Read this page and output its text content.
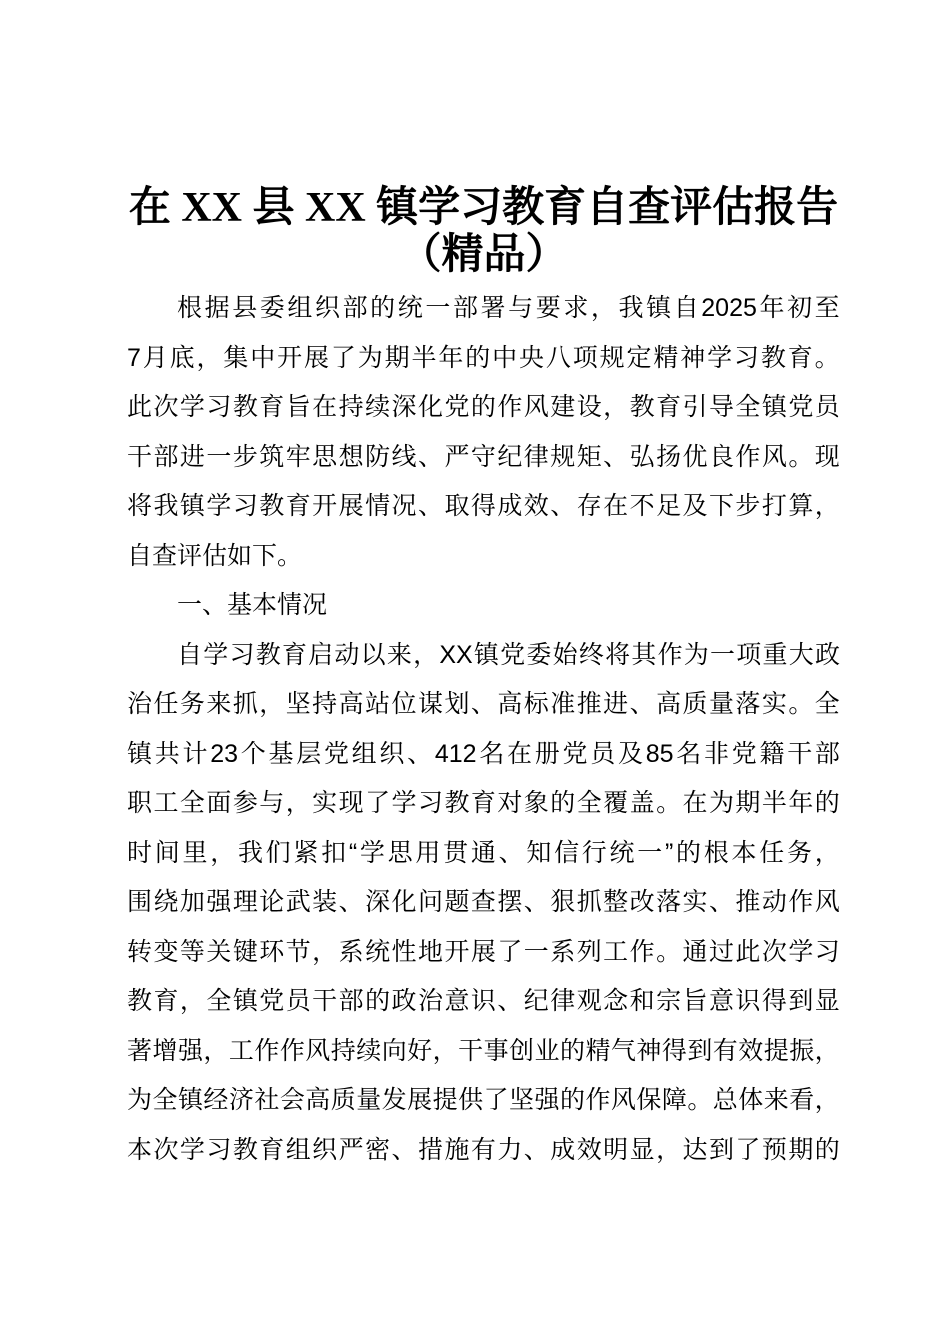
在 XX 县 XX 镇学习教育自查评估报告
（精品）
根 据 县 委 组 织 部 的 统 一 部 署 与 要 求 ， 我 镇 自 2025 年 初 至
7 月 底 ， 集 中 开 展 了 为 期 半 年 的 中 央 八 项 规 定 精 神 学 习 教 育 。
此 次 学 习 教 育 旨 在 持 续 深 化 党 的 作 风 建 设 ， 教 育 引 导 全 镇 党 员
干 部 进 一 步 筑 牢 思 想 防 线 、 严 守 纪 律 规 矩 、 弘 扬 优 良 作 风 。 现
将 我 镇 学 习 教 育 开 展 情 况 、 取 得 成 效 、 存 在 不 足 及 下 步 打 算 ，
自查评估如下。
一、基本情况
自 学 习 教 育 启 动 以 来 ， XX 镇 党 委 始 终 将 其 作 为 一 项 重 大 政
治 任 务 来 抓 ， 坚 持 高 站 位 谋 划 、 高 标 准 推 进 、 高 质 量 落 实 。 全
镇 共 计 23 个 基 层 党 组 织 、 412 名 在 册 党 员 及 85 名 非 党 籍 干 部
职 工 全 面 参 与 ， 实 现 了 学 习 教 育 对 象 的 全 覆 盖 。 在 为 期 半 年 的
时 间 里 ， 我 们 紧 扣 “ 学 思 用 贯 通 、 知 信 行 统 一 ” 的 根 本 任 务 ，
围 绕 加 强 理 论 武 装 、 深 化 问 题 查 摆 、 狠 抓 整 改 落 实 、 推 动 作 风
转 变 等 关 键 环 节 ， 系 统 性 地 开 展 了 一 系 列 工 作 。 通 过 此 次 学 习
教 育 ， 全 镇 党 员 干 部 的 政 治 意 识 、 纪 律 观 念 和 宗 旨 意 识 得 到 显
著 增 强 ， 工 作 作 风 持 续 向 好 ， 干 事 创 业 的 精 气 神 得 到 有 效 提 振 ，
为 全 镇 经 济 社 会 高 质 量 发 展 提 供 了 坚 强 的 作 风 保 障 。 总 体 来 看 ，
本 次 学 习 教 育 组 织 严 密 、 措 施 有 力 、 成 效 明 显 ， 达 到 了 预 期 的
